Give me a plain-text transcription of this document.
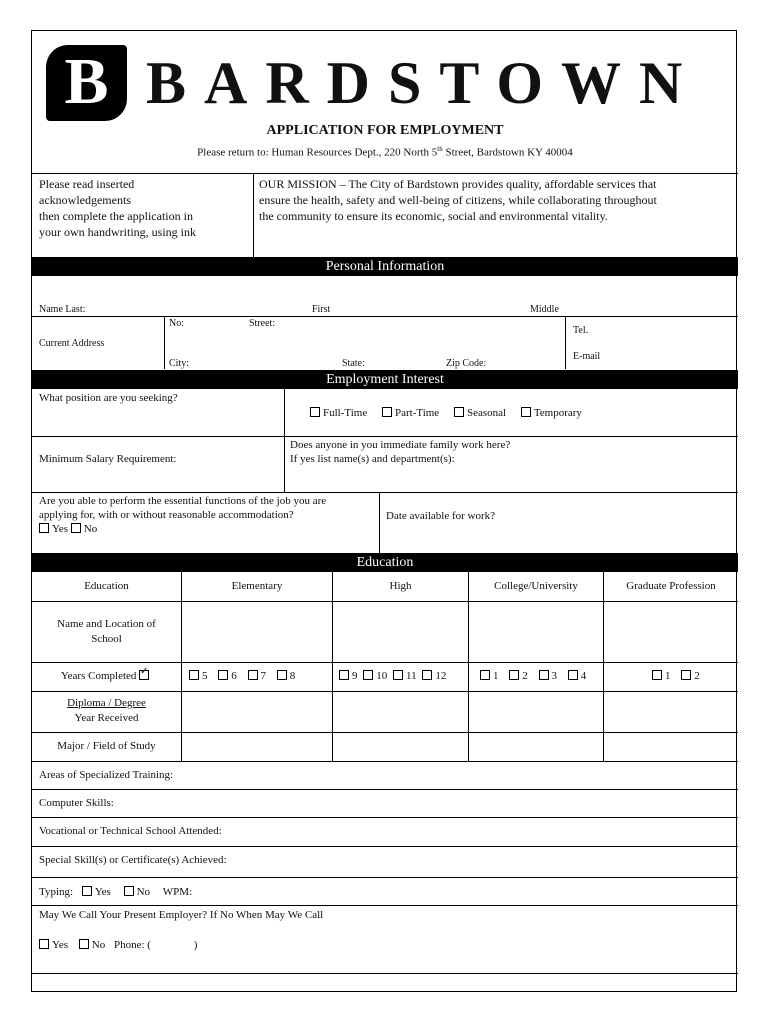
B BARDSTOWN
APPLICATION FOR EMPLOYMENT
Please return to: Human Resources Dept., 220 North 5th Street, Bardstown KY 40004
Please read inserted
acknowledgements
then complete the application in
your own handwriting, using ink
OUR MISSION – The City of Bardstown provides quality, affordable services that
ensure the health, safety and well-being of citizens, while collaborating throughout
the community to ensure its economic, social and environmental vitality.
Personal Information
Name Last:	First	Middle
Current Address
No:	Street:
City:	State:	Zip Code:
Tel.
E-mail
Employment Interest
What position are you seeking?
Full-Time	Part-Time	Seasonal	Temporary
Minimum Salary Requirement:
Does anyone in you immediate family work here?
If yes list name(s) and department(s):
Are you able to perform the essential functions of the job you are
applying for, with or without reasonable accommodation?
Yes No
Date available for work?
Education
Education	Elementary	High	College/University	Graduate Profession
Name and Location of
School
Years Completed ✓	5 6 7 8	9 10 11 12	1 2 3 4	1 2
Diploma / Degree
Year Received
Major / Field of Study
Areas of Specialized Training:
Computer Skills:
Vocational or Technical School Attended:
Special Skill(s) or Certificate(s) Achieved:
Typing: Yes No WPM:
May We Call Your Present Employer? If No When May We Call
Yes No Phone: (	)
